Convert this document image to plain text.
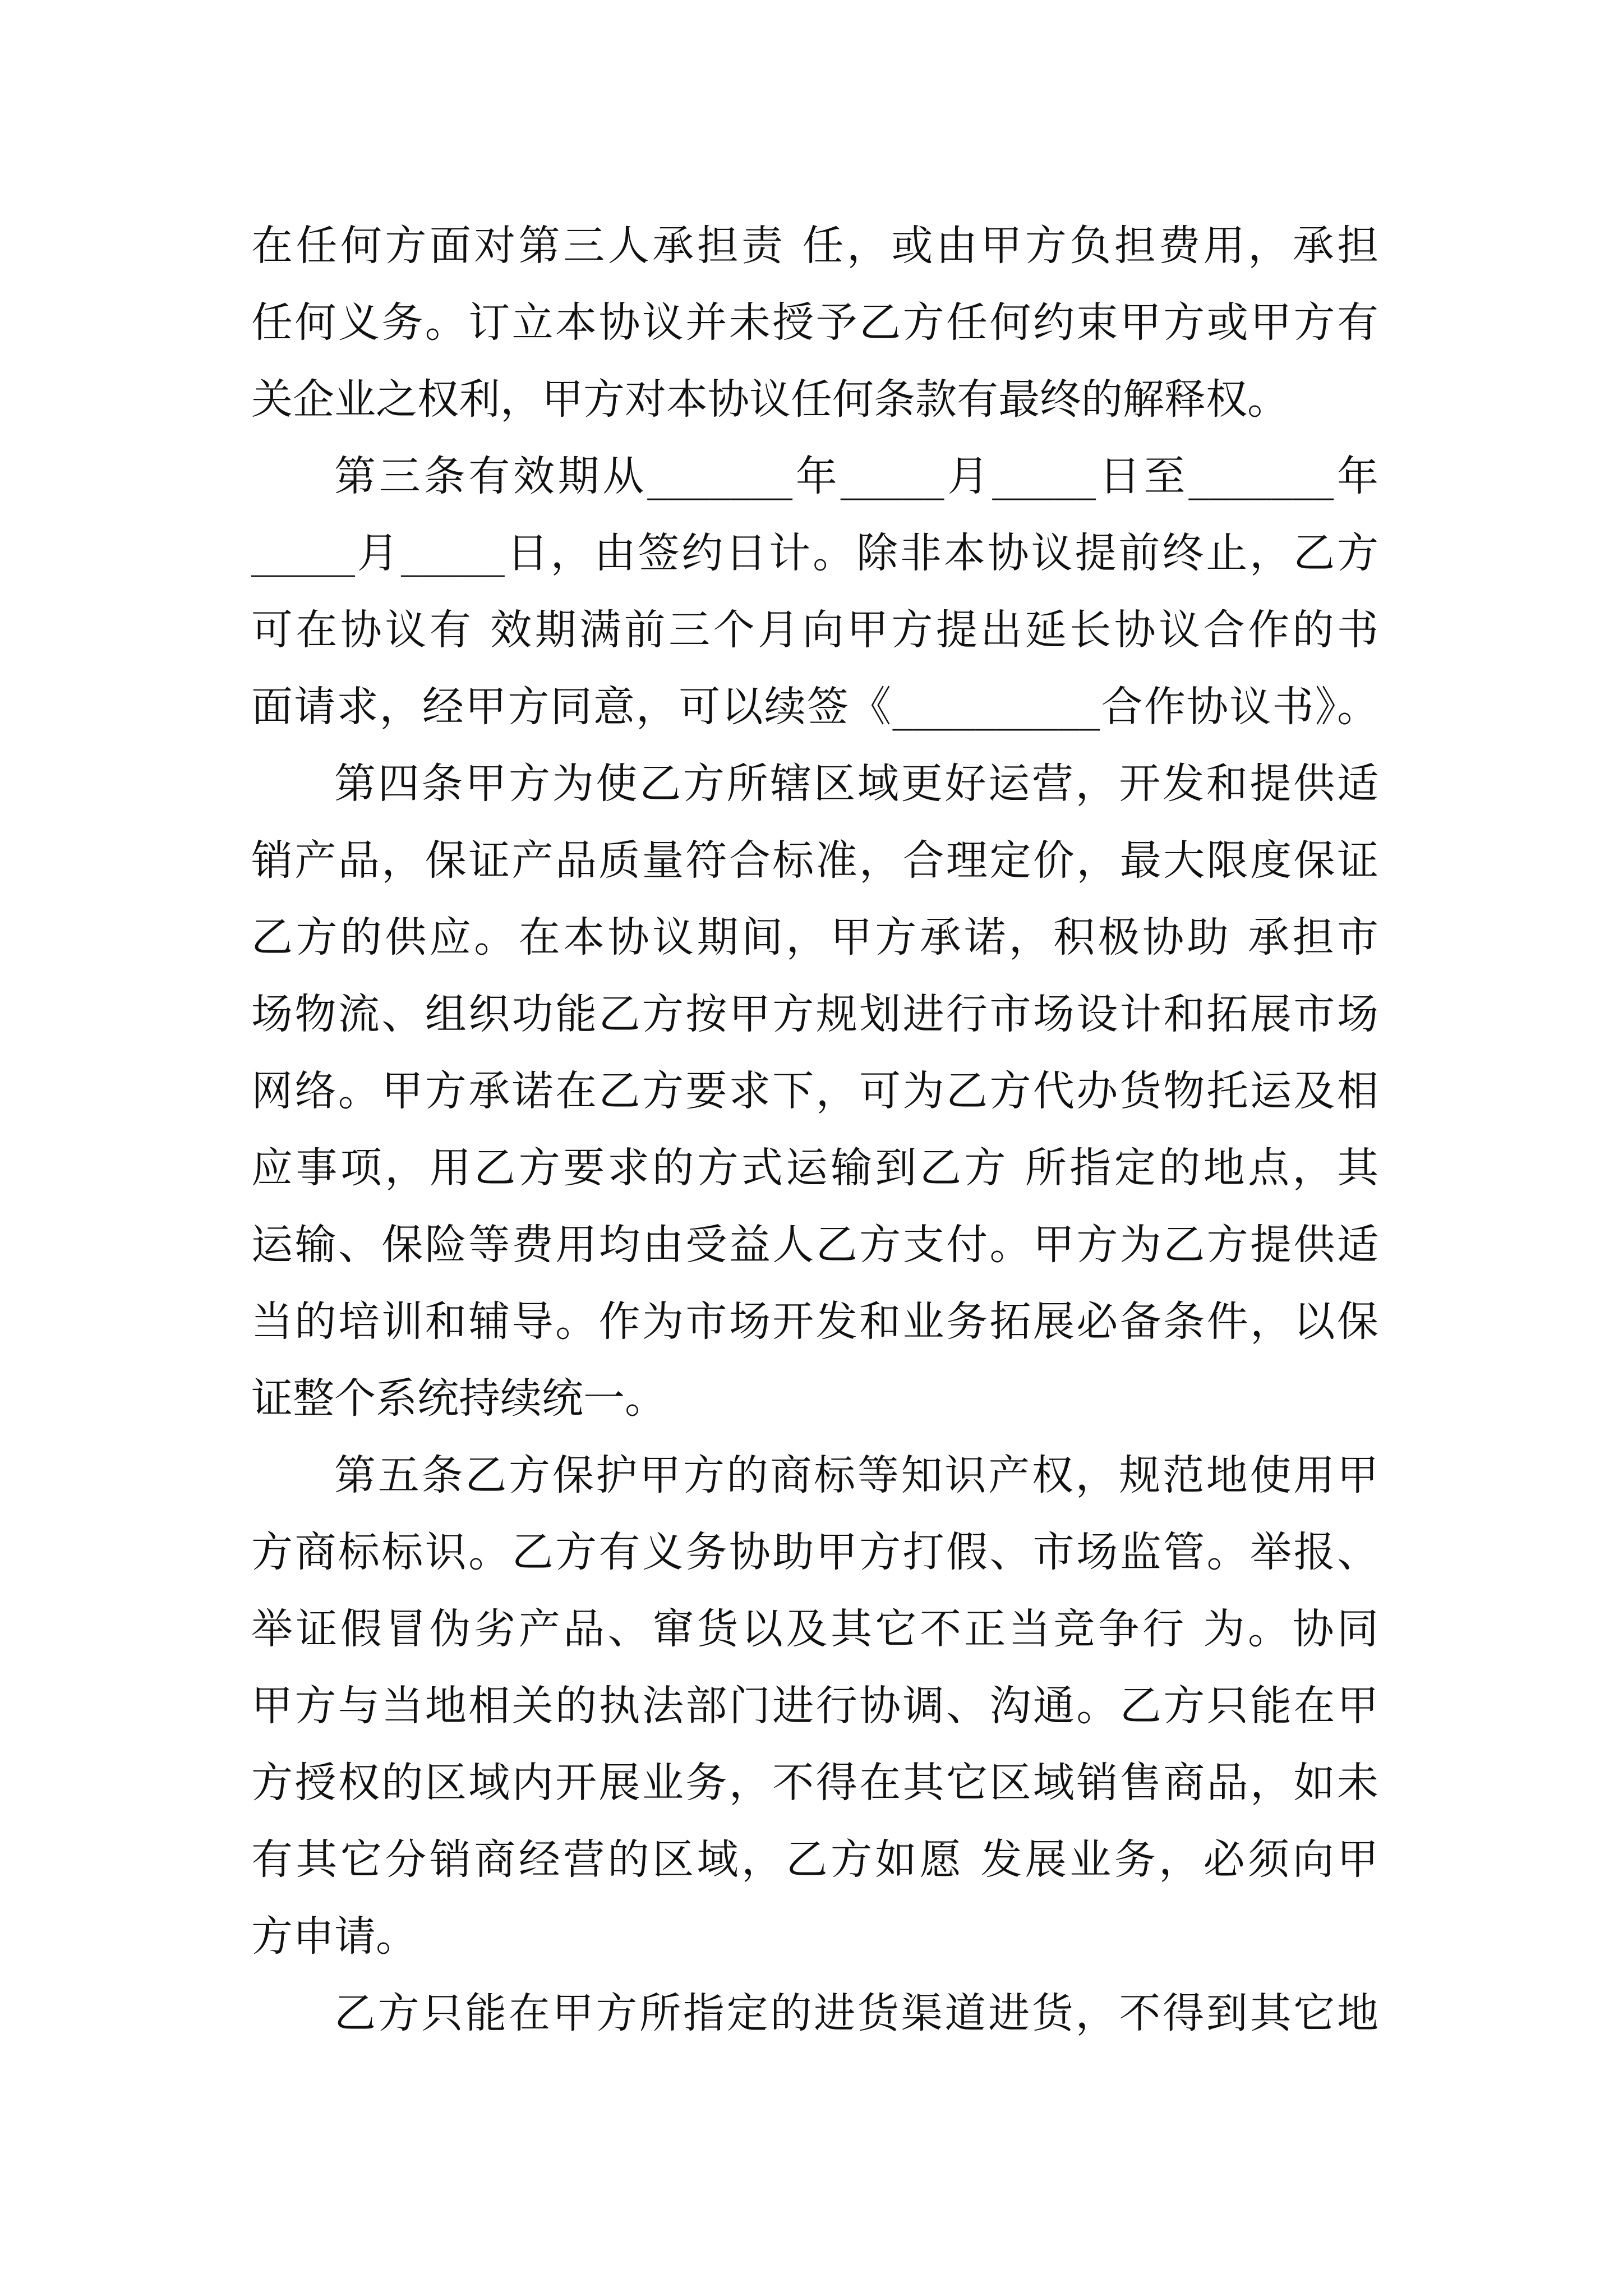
在任何方面对第三人承担责 任，或由甲方负担费用，承担
任何义务。订立本协议并未授予乙方任何约束甲方或甲方有
关企业之权利，甲方对本协议任何条款有最终的解释权。
第三条有效期从_______年_____月_____日至_______年
_____月_____日，由签约日计。除非本协议提前终止，乙方
可在协议有 效期满前三个月向甲方提出延长协议合作的书
面请求，经甲方同意，可以续签《__________合作协议书》。
第四条甲方为使乙方所辖区域更好运营，开发和提供适
销产品，保证产品质量符合标准，合理定价，最大限度保证
乙方的供应。在本协议期间，甲方承诺，积极协助 承担市
场物流、组织功能乙方按甲方规划进行市场设计和拓展市场
网络。甲方承诺在乙方要求下，可为乙方代办货物托运及相
应事项，用乙方要求的方式运输到乙方 所指定的地点，其
运输、保险等费用均由受益人乙方支付。甲方为乙方提供适
当的培训和辅导。作为市场开发和业务拓展必备条件，以保
证整个系统持续统一。
第五条乙方保护甲方的商标等知识产权，规范地使用甲
方商标标识。乙方有义务协助甲方打假、市场监管。举报、
举证假冒伪劣产品、窜货以及其它不正当竞争行 为。协同
甲方与当地相关的执法部门进行协调、沟通。乙方只能在甲
方授权的区域内开展业务，不得在其它区域销售商品，如未
有其它分销商经营的区域，乙方如愿 发展业务，必须向甲
方申请。
乙方只能在甲方所指定的进货渠道进货，不得到其它地
